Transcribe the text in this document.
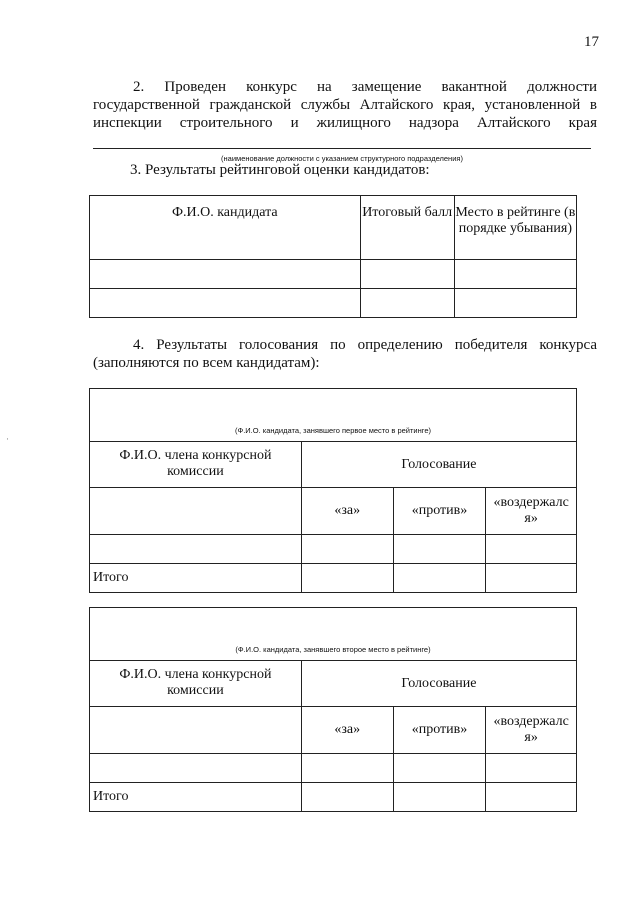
17
2. Проведен конкурс на замещение вакантной должности
государственной гражданской службы Алтайского края, установленной в
инспекции строительного и жилищного надзора Алтайского края
(наименование должности с указанием структурного подразделения)
3. Результаты рейтинговой оценки кандидатов:
Ф.И.О. кандидата	Итоговый балл	Место в рейтинге (в порядке убывания)

4. Результаты голосования по определению победителя конкурса
(заполняются по всем кандидатам):
·
(Ф.И.О. кандидата, занявшего первое место в рейтинге)			
Ф.И.О. члена конкурсной комиссии	Голосование		
	«за»	«против»	«воздержалс
я»

Итого			
(Ф.И.О. кандидата, занявшего второе место в рейтинге)			
Ф.И.О. члена конкурсной комиссии	Голосование		
	«за»	«против»	«воздержалс
я»

Итого			
